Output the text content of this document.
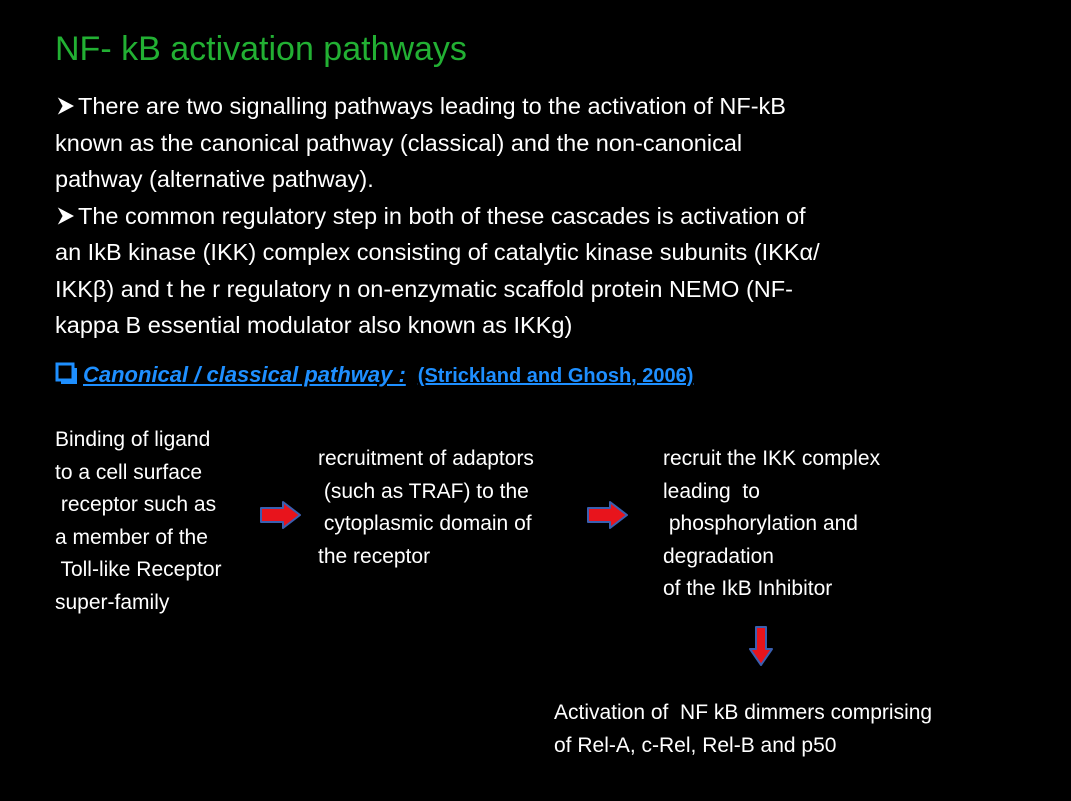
NF- kB activation pathways
There are two signalling pathways leading to the activation of NF-kB
known as the canonical pathway (classical) and the non-canonical
pathway (alternative pathway).
The common regulatory step in both of these cascades is activation of
an IkB kinase (IKK) complex consisting of catalytic kinase subunits (IKKα/
IKKβ) and t he r regulatory n on-enzymatic scaffold protein NEMO (NF-
kappa B essential modulator also known as IKKg)
Canonical / classical pathway : (Strickland and Ghosh, 2006)
Binding of ligand
to a cell surface
receptor such as
a member of the
Toll-like Receptor
super-family
recruitment of adaptors
(such as TRAF) to the
cytoplasmic domain of
the receptor
recruit the IKK complex
leading  to
phosphorylation and
degradation
of the IkB Inhibitor
Activation of  NF kB dimmers comprising
of Rel-A, c-Rel, Rel-B and p50
